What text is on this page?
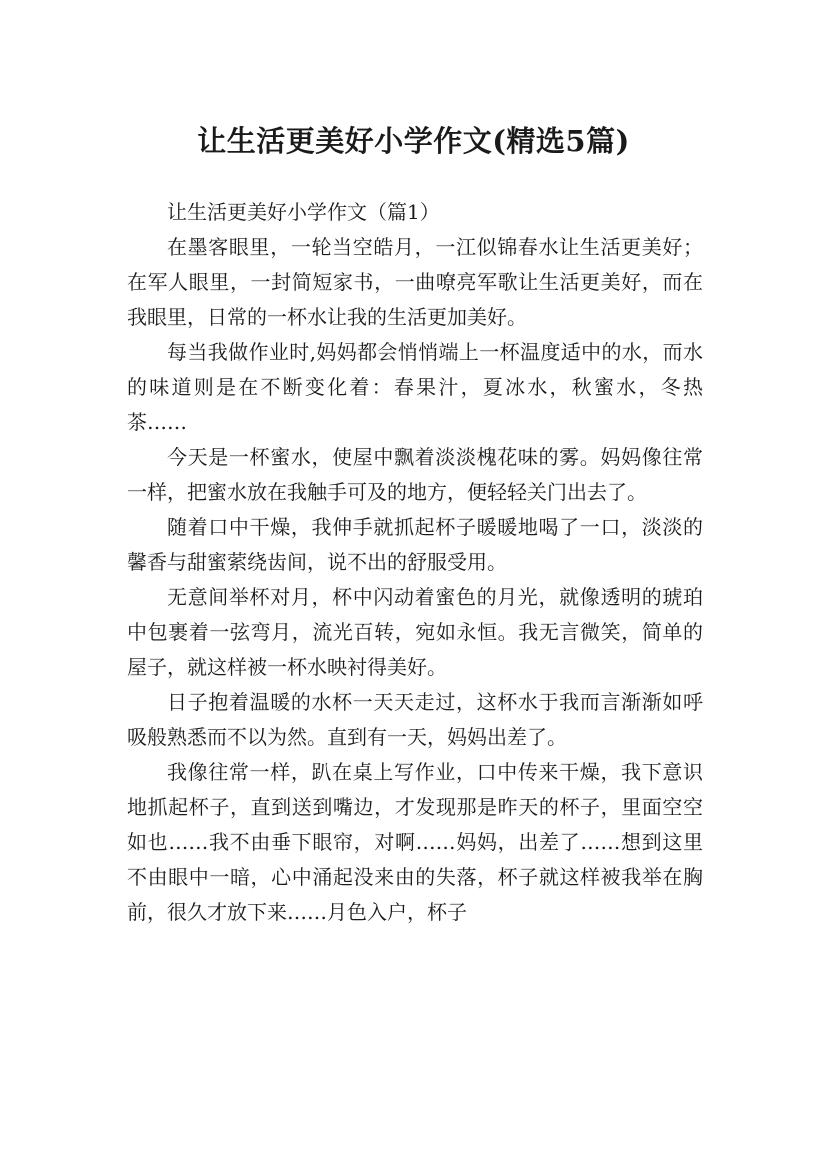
让生活更美好小学作文(精选5篇)

让生活更美好小学作文（篇1）

在墨客眼里，一轮当空皓月，一江似锦春水让生活更美好；在军人眼里，一封简短家书，一曲嘹亮军歌让生活更美好，而在我眼里，日常的一杯水让我的生活更加美好。

每当我做作业时,妈妈都会悄悄端上一杯温度适中的水，而水的味道则是在不断变化着：春果汁，夏冰水，秋蜜水，冬热茶……

今天是一杯蜜水，使屋中飘着淡淡槐花味的雾。妈妈像往常一样，把蜜水放在我触手可及的地方，便轻轻关门出去了。

随着口中干燥，我伸手就抓起杯子暖暖地喝了一口，淡淡的馨香与甜蜜萦绕齿间，说不出的舒服受用。

无意间举杯对月，杯中闪动着蜜色的月光，就像透明的琥珀中包裹着一弦弯月，流光百转，宛如永恒。我无言微笑，简单的屋子，就这样被一杯水映衬得美好。

日子抱着温暖的水杯一天天走过，这杯水于我而言渐渐如呼吸般熟悉而不以为然。直到有一天，妈妈出差了。

我像往常一样，趴在桌上写作业，口中传来干燥，我下意识地抓起杯子，直到送到嘴边，才发现那是昨天的杯子，里面空空如也……我不由垂下眼帘，对啊……妈妈，出差了……想到这里不由眼中一暗，心中涌起没来由的失落，杯子就这样被我举在胸前，很久才放下来……月色入户，杯子
